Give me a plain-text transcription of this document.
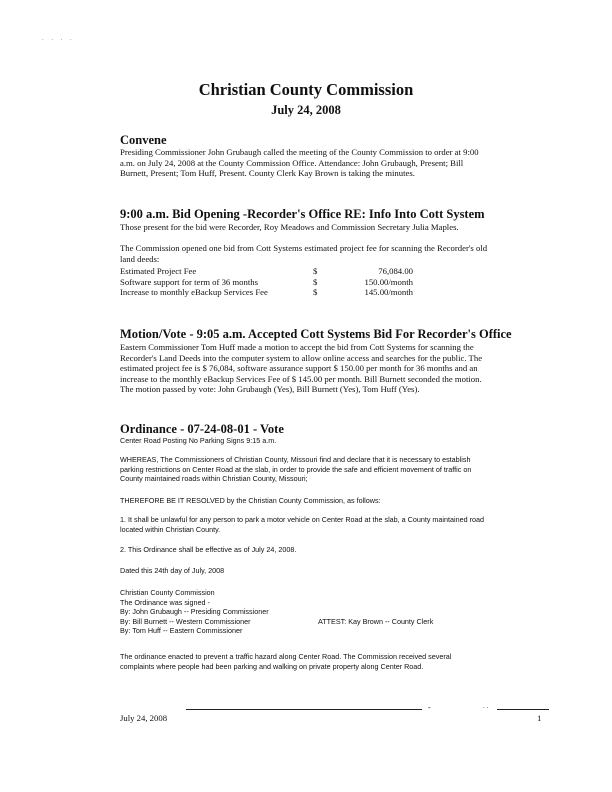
. . . .
Christian County Commission
July 24, 2008
Convene
Presiding Commissioner John Grubaugh called the meeting of the County Commission to order at 9:00
a.m. on July 24, 2008 at the County Commission Office. Attendance: John Grubaugh, Present; Bill
Burnett, Present; Tom Huff, Present. County Clerk Kay Brown is taking the minutes.
9:00 a.m. Bid Opening -Recorder's Office RE: Info Into Cott System
Those present for the bid were Recorder, Roy Meadows and Commission Secretary Julia Maples.
The Commission opened one bid from Cott Systems estimated project fee for scanning the Recorder's old
land deeds:
Estimated Project Fee	$	76,084.00
Software support for term of 36 months	$	150.00/month
Increase to monthly eBackup Services Fee	$	145.00/month
Motion/Vote - 9:05 a.m. Accepted Cott Systems Bid For Recorder's Office
Eastern Commissioner Tom Huff made a motion to accept the bid from Cott Systems for scanning the
Recorder's Land Deeds into the computer system to allow online access and searches for the public. The
estimated project fee is $ 76,084, software assurance support $ 150.00 per month for 36 months and an
increase to the monthly eBackup Services Fee of $ 145.00 per month. Bill Burnett seconded the motion.
The motion passed by vote: John Grubaugh (Yes), Bill Burnett (Yes), Tom Huff (Yes).
Ordinance - 07-24-08-01 - Vote
Center Road Posting No Parking Signs 9:15 a.m.
WHEREAS, The Commissioners of Christian County, Missouri find and declare that it is necessary to establish
parking restrictions on Center Road at the slab, in order to provide the safe and efficient movement of traffic on
County maintained roads within Christian County, Missouri;
THEREFORE BE IT RESOLVED by the Christian County Commission, as follows:
1. It shall be unlawful for any person to park a motor vehicle on Center Road at the slab, a County maintained road
located within Christian County.
2. This Ordinance shall be effective as of July 24, 2008.
Dated this 24th day of July, 2008
Christian County Commission
The Ordinance was signed -
By: John Grubaugh -- Presiding Commissioner
By: Bill Burnett -- Western Commissioner
By: Tom Huff -- Eastern Commissioner
ATTEST: Kay Brown -- County Clerk
The ordinance enacted to prevent a traffic hazard along Center Road. The Commission received several
complaints where people had been parking and walking on private property along Center Road.
July 24, 2008
-	. .
1
